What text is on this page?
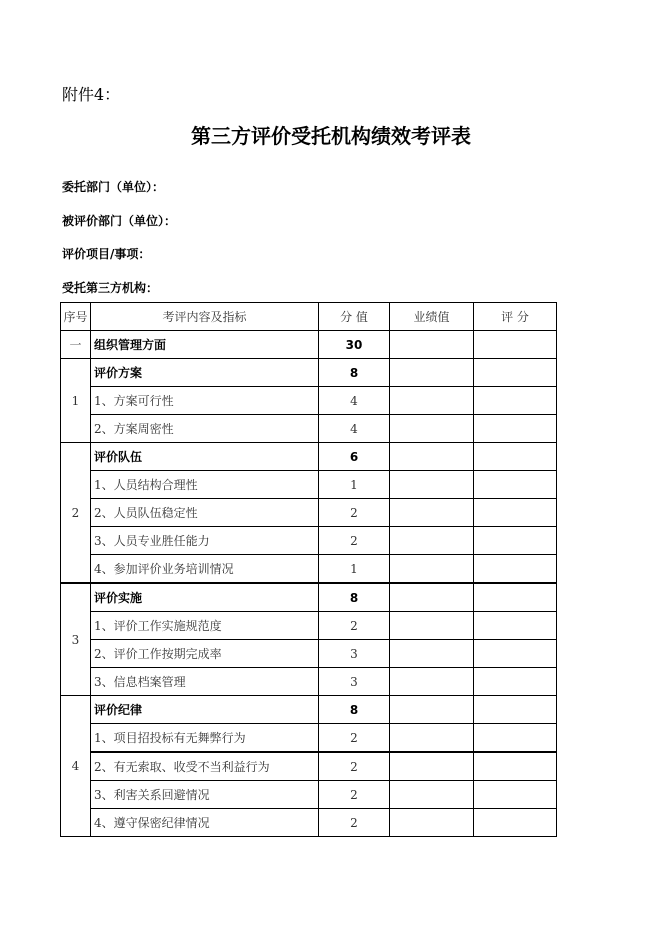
附件4：
第三方评价受托机构绩效考评表
委托部门（单位）：
被评价部门（单位）：
评价项目/事项：
受托第三方机构：
序号	考评内容及指标	分 值	业绩值	评 分
一	组织管理方面	30		
1	评价方案	8		
	1、方案可行性	4		
	2、方案周密性	4		
2	评价队伍	6		
	1、人员结构合理性	1		
	2、人员队伍稳定性	2		
	3、人员专业胜任能力	2		
	4、参加评价业务培训情况	1		
3	评价实施	8		
	1、评价工作实施规范度	2		
	2、评价工作按期完成率	3		
	3、信息档案管理	3		
4	评价纪律	8		
	1、项目招投标有无舞弊行为	2		
	2、有无索取、收受不当利益行为	2		
	3、利害关系回避情况	2		
	4、遵守保密纪律情况	2		
